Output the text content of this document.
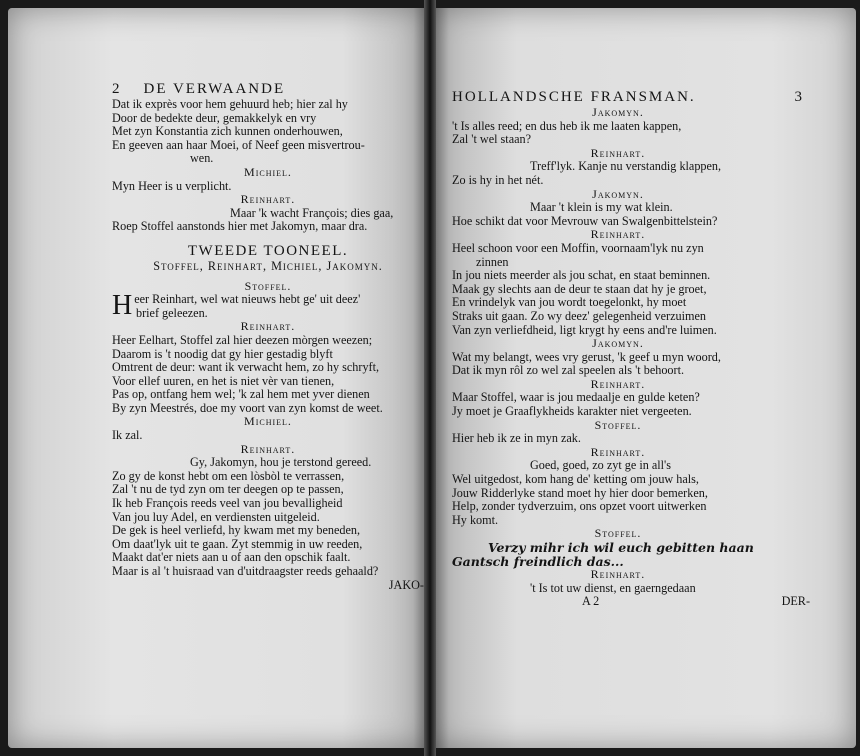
2 DE VERWAANDE
Dat ik exprès voor hem gehuurd heb; hier zal hy
Door de bedekte deur, gemakkelyk en vry
Met zyn Konstantia zich kunnen onderhouwen,
En geeven aan haar Moei, of Neef geen misvertrou-
wen.
Michiel.
Myn Heer is u verplicht.
Reinhart.
Maar 'k wacht François; dies gaa,
Roep Stoffel aanstonds hier met Jakomyn, maar dra.
TWEEDE TOONEEL.
Stoffel, Reinhart, Michiel, Jakomyn.
Stoffel.
Heer Reinhart, wel wat nieuws hebt ge' uit deez'
brief geleezen.
Reinhart.
Heer Eelhart, Stoffel zal hier deezen mòrgen weezen;
Daarom is 't noodig dat gy hier gestadig blyft
Omtrent de deur: want ik verwacht hem, zo hy schryft,
Voor ellef uuren, en het is niet vèr van tienen,
Pas op, ontfang hem wel; 'k zal hem met yver dienen
By zyn Meestrés, doe my voort van zyn komst de weet.
Michiel.
Ik zal.
Reinhart.
Gy, Jakomyn, hou je terstond gereed.
Zo gy de konst hebt om een lòsbòl te verrassen,
Zal 't nu de tyd zyn om ter deegen op te passen,
Ik heb François reeds veel van jou bevalligheid
Van jou luy Adel, en verdiensten uitgeleid.
De gek is heel verliefd, hy kwam met my beneden,
Om daat'lyk uit te gaan. Zyt stemmig in uw reeden,
Maakt dat'er niets aan u of aan den opschik faalt.
Maar is al 't huisraad van d'uitdraagster reeds gehaald?
JAKO-
HOLLANDSCHE FRANSMAN.	3
Jakomyn.
't Is alles reed; en dus heb ik me laaten kappen,
Zal 't wel staan?
Reinhart.
Treff'lyk. Kanje nu verstandig klappen,
Zo is hy in het nét.
Jakomyn.
Maar 't klein is my wat klein.
Hoe schikt dat voor Mevrouw van Swalgenbittelstein?
Reinhart.
Heel schoon voor een Moffin, voornaam'lyk nu zyn
zinnen
In jou niets meerder als jou schat, en staat beminnen.
Maak gy slechts aan de deur te staan dat hy je groet,
En vrindelyk van jou wordt toegelonkt, hy moet
Straks uit gaan. Zo wy deez' gelegenheid verzuimen
Van zyn verliefdheid, ligt krygt hy eens and're luimen.
Jakomyn.
Wat my belangt, wees vry gerust, 'k geef u myn woord,
Dat ik myn rôl zo wel zal speelen als 't behoort.
Reinhart.
Maar Stoffel, waar is jou medaalje en gulde keten?
Jy moet je Graaflykheids karakter niet vergeeten.
Stoffel.
Hier heb ik ze in myn zak.
Reinhart.
Goed, goed, zo zyt ge in all's
Wel uitgedost, kom hang de' ketting om jouw hals,
Jouw Ridderlyke stand moet hy hier door bemerken,
Help, zonder tydverzuim, ons opzet voort uitwerken
Hy komt.
Stoffel.
Verzy mihr ich wil euch gebitten haan
Gantsch freindlich das...
Reinhart.
't Is tot uw dienst, en gaerngedaan
A 2	DER-
